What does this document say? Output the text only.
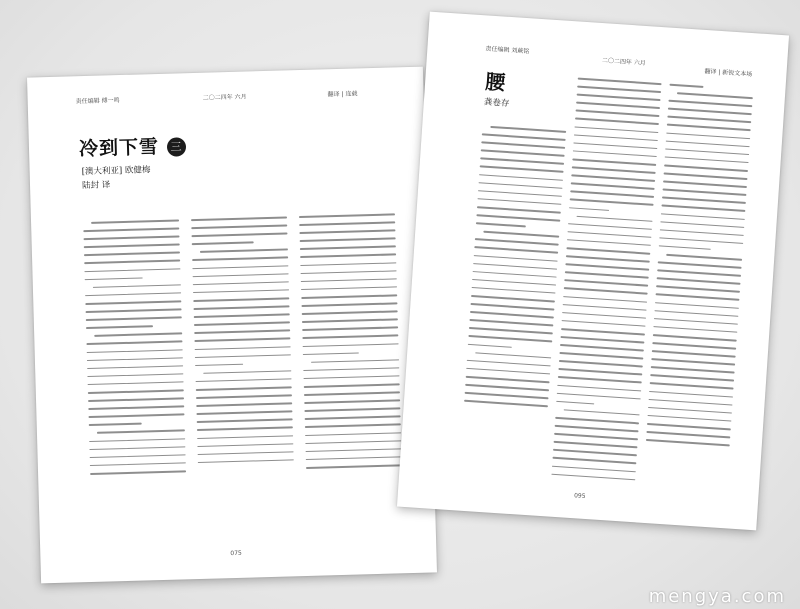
责任编辑 傅一鸣	二〇二四年 六月	翻译 | 连载
冷到下雪 三
[澳大利亚] 欧健梅
陆封 译
075
责任编辑 刘蕨铭
二〇二四年 六月
翻译 | 新锐文本场
腰
龚卷存
095
mengya.com
